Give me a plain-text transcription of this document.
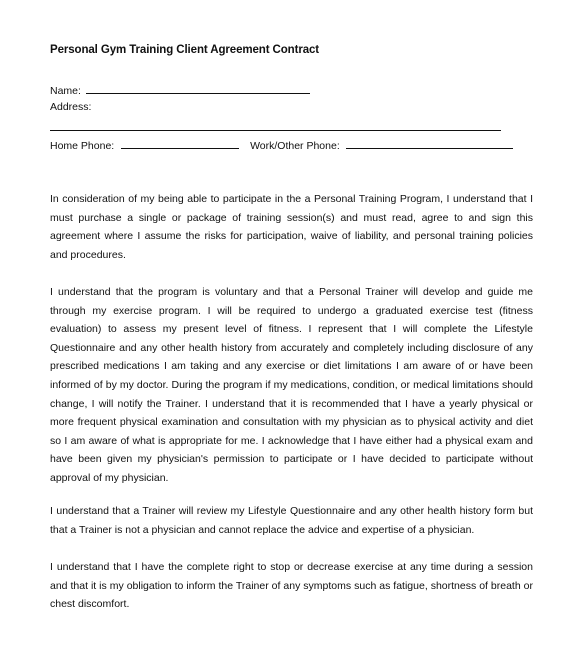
Personal Gym Training Client Agreement Contract
Name:
Address:
Home Phone:	Work/Other Phone:

In consideration of my being able to participate in the a Personal Training Program, I understand that I must purchase a single or package of training session(s) and must read, agree to and sign this agreement where I assume the risks for participation, waive of liability, and personal training policies and procedures.

I understand that the program is voluntary and that a Personal Trainer will develop and guide me through my exercise program. I will be required to undergo a graduated exercise test (fitness evaluation) to assess my present level of fitness. I represent that I will complete the Lifestyle Questionnaire and any other health history from accurately and completely including disclosure of any prescribed medications I am taking and any exercise or diet limitations I am aware of or have been informed of by my doctor. During the program if my medications, condition, or medical limitations should change, I will notify the Trainer. I understand that it is recommended that I have a yearly physical or more frequent physical examination and consultation with my physician as to physical activity and diet so I am aware of what is appropriate for me. I acknowledge that I have either had a physical exam and have been given my physician's permission to participate or I have decided to participate without approval of my physician.

I understand that a Trainer will review my Lifestyle Questionnaire and any other health history form but that a Trainer is not a physician and cannot replace the advice and expertise of a physician.

I understand that I have the complete right to stop or decrease exercise at any time during a session and that it is my obligation to inform the Trainer of any symptoms such as fatigue, shortness of breath or chest discomfort.
